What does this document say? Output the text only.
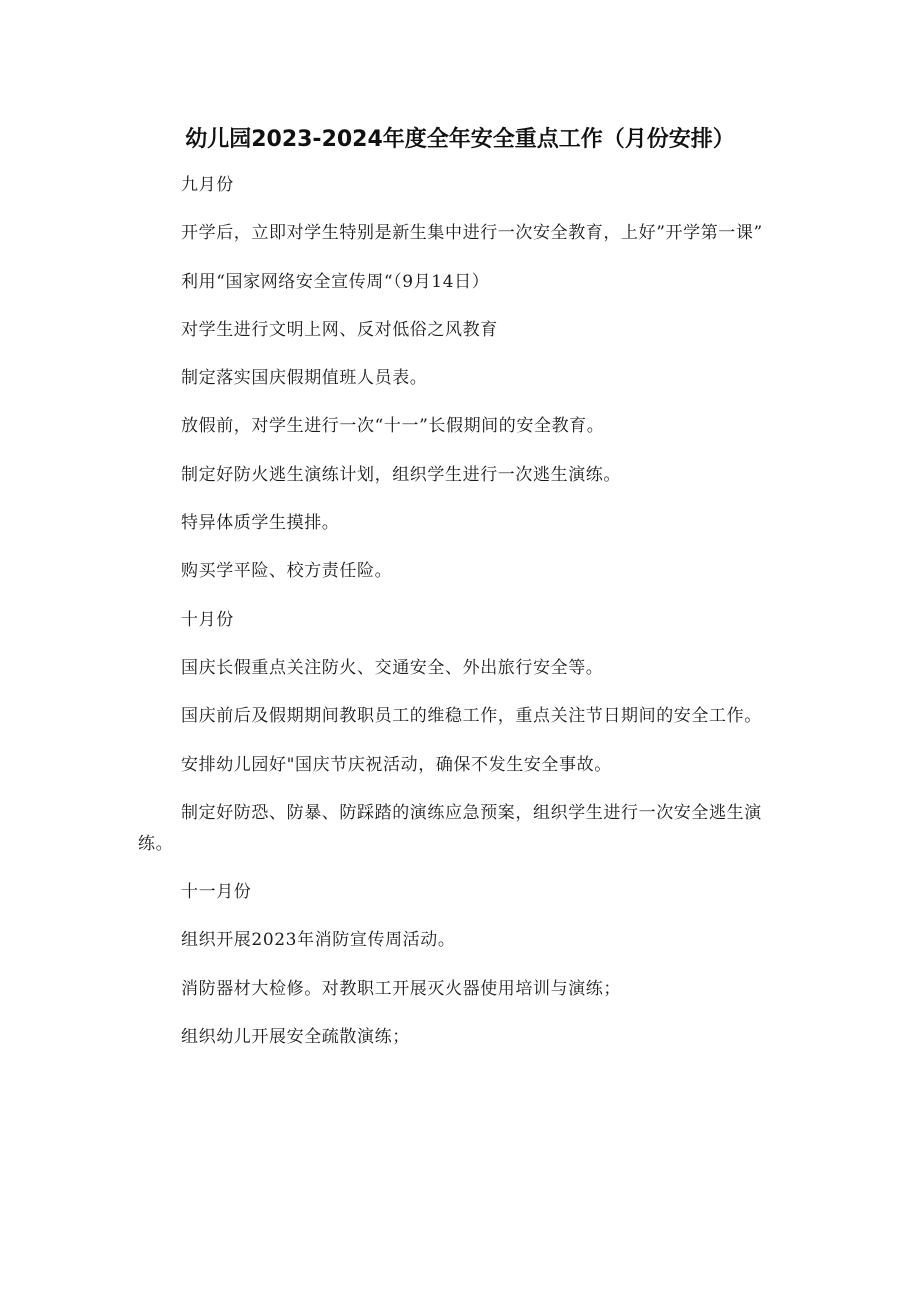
幼儿园2023-2024年度全年安全重点工作（月份安排）

九月份

开学后，立即对学生特别是新生集中进行一次安全教育，上好”开学第一课”

利用“国家网络安全宣传周“（9月14日）

对学生进行文明上网、反对低俗之风教育

制定落实国庆假期值班人员表。

放假前，对学生进行一次“十一”长假期间的安全教育。

制定好防火逃生演练计划，组织学生进行一次逃生演练。

特异体质学生摸排。

购买学平险、校方责任险。

十月份

国庆长假重点关注防火、交通安全、外出旅行安全等。

国庆前后及假期期间教职员工的维稳工作，重点关注节日期间的安全工作。

安排幼儿园好"国庆节庆祝活动，确保不发生安全事故。

制定好防恐、防暴、防踩踏的演练应急预案，组织学生进行一次安全逃生演练。

十一月份

组织开展2023年消防宣传周活动。

消防器材大检修。对教职工开展灭火器使用培训与演练；

组织幼儿开展安全疏散演练；
